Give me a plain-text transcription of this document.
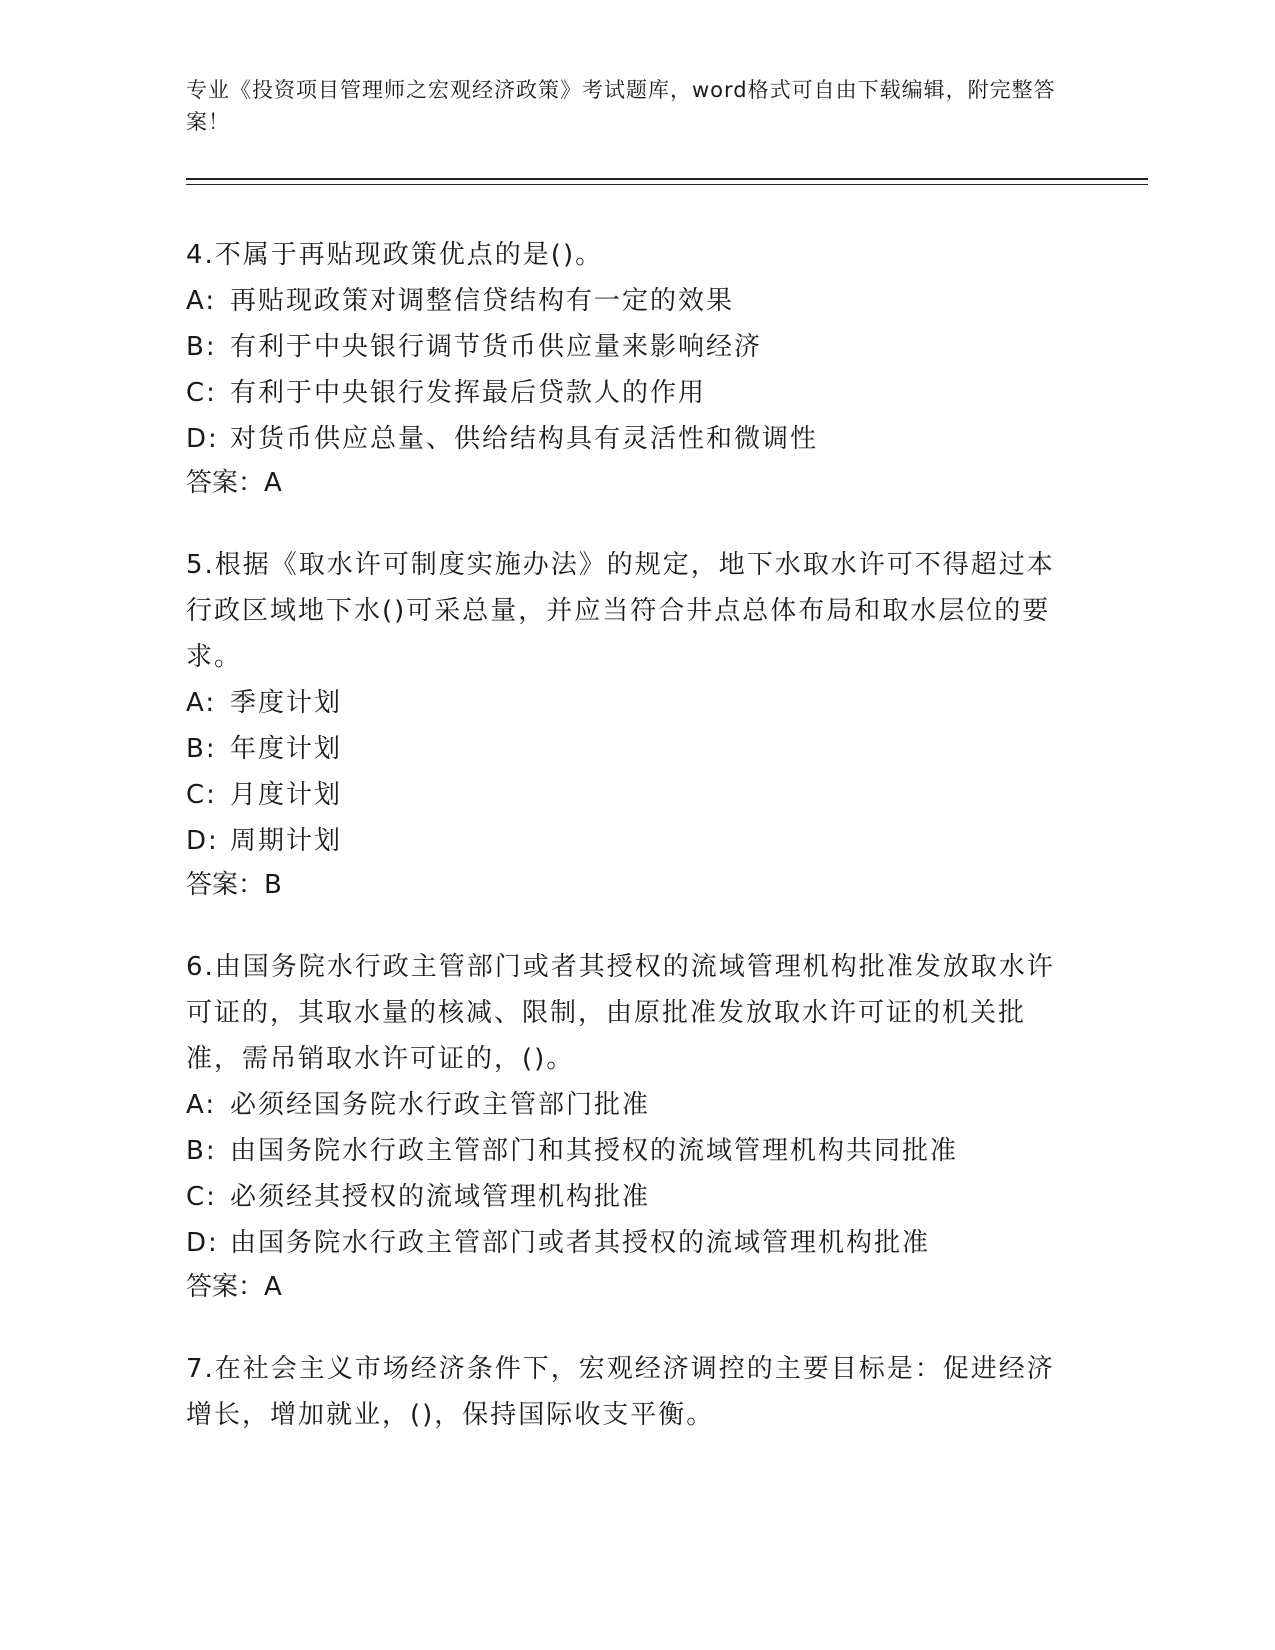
专业《投资项目管理师之宏观经济政策》考试题库，word格式可自由下载编辑，附完整答案！

4.不属于再贴现政策优点的是()。

A: 再贴现政策对调整信贷结构有一定的效果

B: 有利于中央银行调节货币供应量来影响经济

C: 有利于中央银行发挥最后贷款人的作用

D: 对货币供应总量、供给结构具有灵活性和微调性

答案：A

5.根据《取水许可制度实施办法》的规定，地下水取水许可不得超过本行政区域地下水()可采总量，并应当符合井点总体布局和取水层位的要求。

A: 季度计划

B: 年度计划

C: 月度计划

D: 周期计划

答案：B

6.由国务院水行政主管部门或者其授权的流域管理机构批准发放取水许可证的，其取水量的核减、限制，由原批准发放取水许可证的机关批准，需吊销取水许可证的，()。

A: 必须经国务院水行政主管部门批准

B: 由国务院水行政主管部门和其授权的流域管理机构共同批准

C: 必须经其授权的流域管理机构批准

D: 由国务院水行政主管部门或者其授权的流域管理机构批准

答案：A

7.在社会主义市场经济条件下，宏观经济调控的主要目标是：促进经济增长，增加就业，()，保持国际收支平衡。
